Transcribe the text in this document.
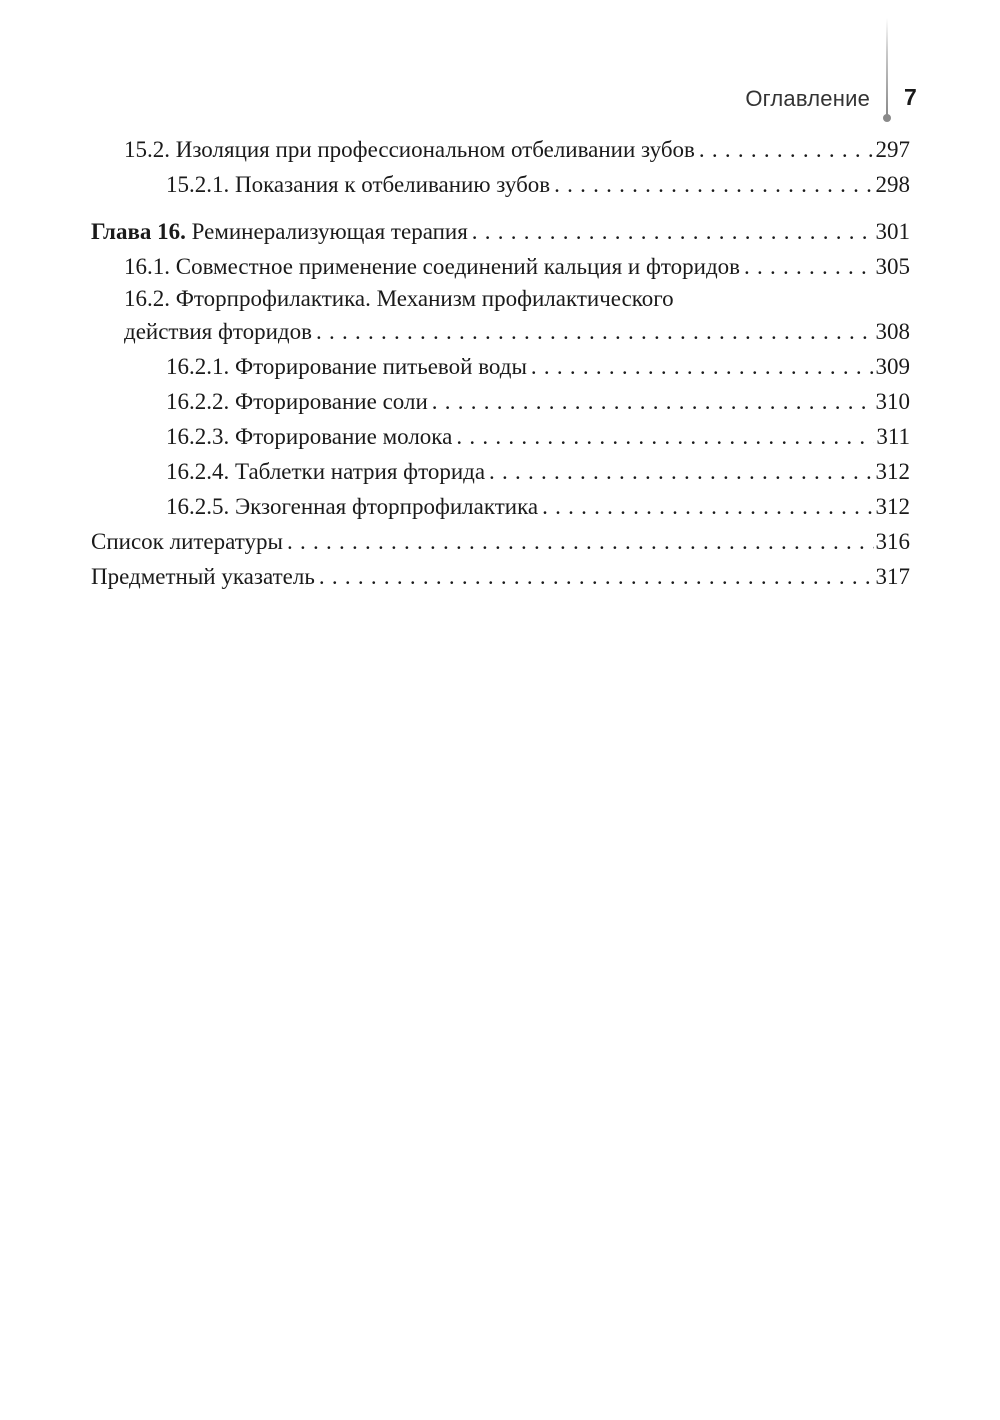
Оглавление 7
15.2. Изоляция при профессиональном отбеливании зубов . . .	297
15.2.1. Показания к отбеливанию зубов . . .	298
Глава 16. Реминерализующая терапия . . .	301
16.1. Совместное применение соединений кальция и фторидов . . .	305
16.2. Фторпрофилактика. Механизм профилактического
действия фторидов . . .	308
16.2.1. Фторирование питьевой воды . . .	309
16.2.2. Фторирование соли . . .	310
16.2.3. Фторирование молока . . .	311
16.2.4. Таблетки натрия фторида . . .	312
16.2.5. Экзогенная фторпрофилактика . . .	312
Список литературы . . .	316
Предметный указатель . . .	317
